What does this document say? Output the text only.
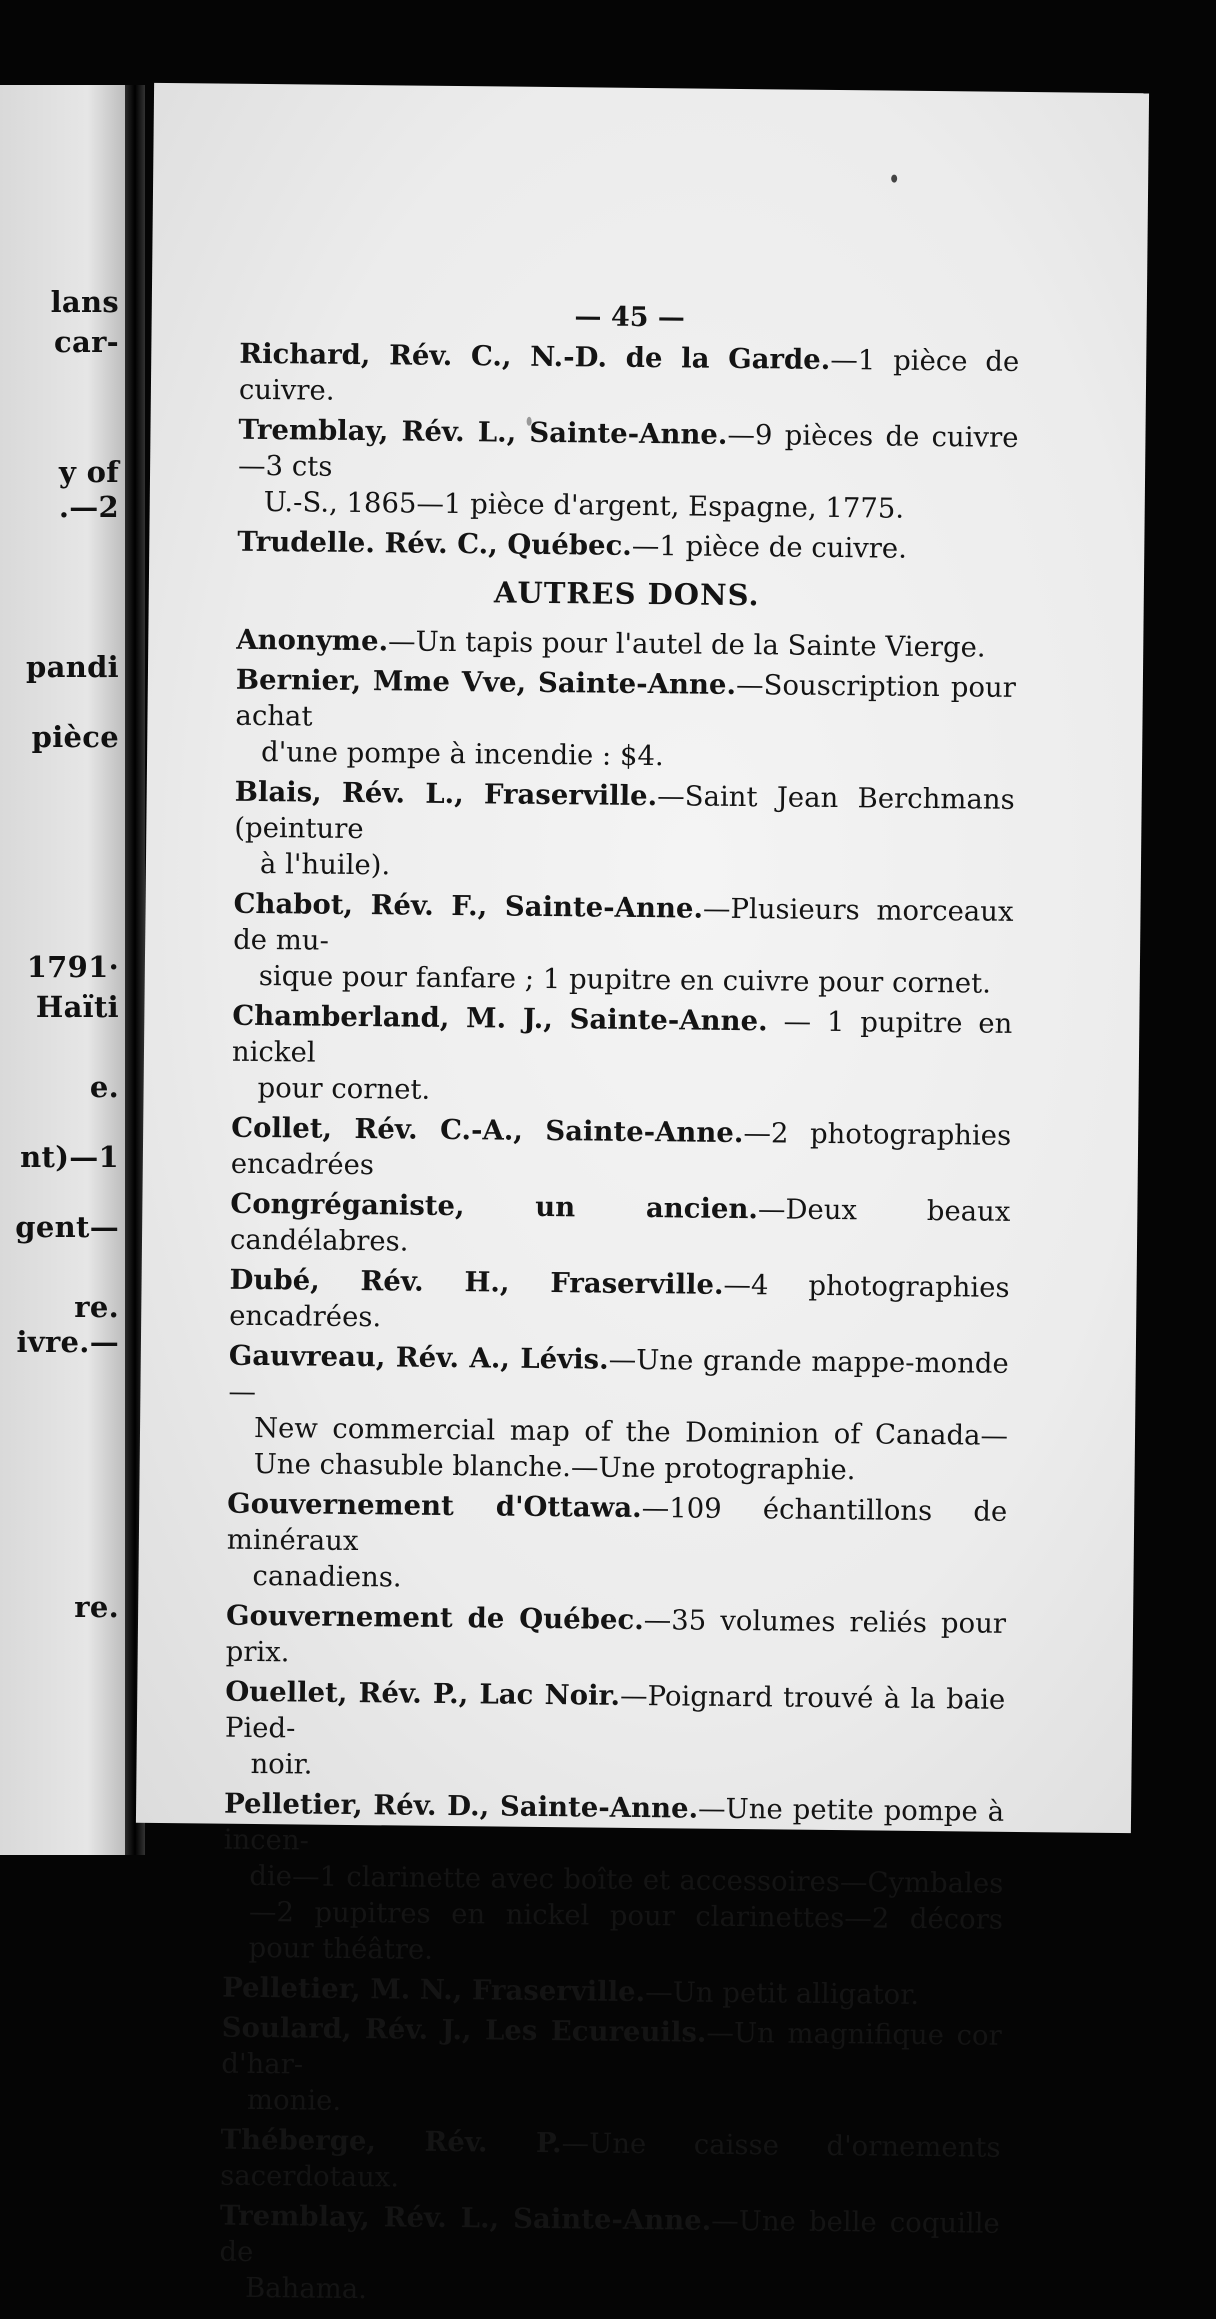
lans
car-
y of
.—2
pandi
pièce
1791·
Haïti
e.
nt)—1
gent—
re.
ivre.—
re.
— 45 —

Richard, Rév. C., N.-D. de la Garde.—1 pièce de cuivre.

Tremblay, Rév. L., Sainte-Anne.—9 pièces de cuivre—3 cts
U.-S., 1865—1 pièce d'argent, Espagne, 1775.

Trudelle. Rév. C., Québec.—1 pièce de cuivre.

AUTRES DONS.

Anonyme.—Un tapis pour l'autel de la Sainte Vierge.

Bernier, Mme Vve, Sainte-Anne.—Souscription pour achat
d'une pompe à incendie : $4.

Blais, Rév. L., Fraserville.—Saint Jean Berchmans (peinture
à l'huile).

Chabot, Rév. F., Sainte-Anne.—Plusieurs morceaux de mu-
sique pour fanfare ; 1 pupitre en cuivre pour cornet.

Chamberland, M. J., Sainte-Anne. — 1 pupitre en nickel
pour cornet.

Collet, Rév. C.-A., Sainte-Anne.—2 photographies encadrées

Congréganiste, un ancien.—Deux beaux candélabres.

Dubé, Rév. H., Fraserville.—4 photographies encadrées.

Gauvreau, Rév. A., Lévis.—Une grande mappe-monde—
New commercial map of the Dominion of Canada—Une chasuble blanche.—Une protographie.

Gouvernement d'Ottawa.—109 échantillons de minéraux
canadiens.

Gouvernement de Québec.—35 volumes reliés pour prix.

Ouellet, Rév. P., Lac Noir.—Poignard trouvé à la baie Pied-
noir.

Pelletier, Rév. D., Sainte-Anne.—Une petite pompe à incen-
die—1 clarinette avec boîte et accessoires—Cymbales—2 pupitres en nickel pour clarinettes—2 décors pour théâtre.

Pelletier, M. N., Fraserville.—Un petit alligator.

Soulard, Rév. J., Les Ecureuils.—Un magnifique cor d'har-
monie.

Théberge, Rév. P.—Une caisse d'ornements sacerdotaux.

Tremblay, Rév. L., Sainte-Anne.—Une belle coquille de
Bahama.
